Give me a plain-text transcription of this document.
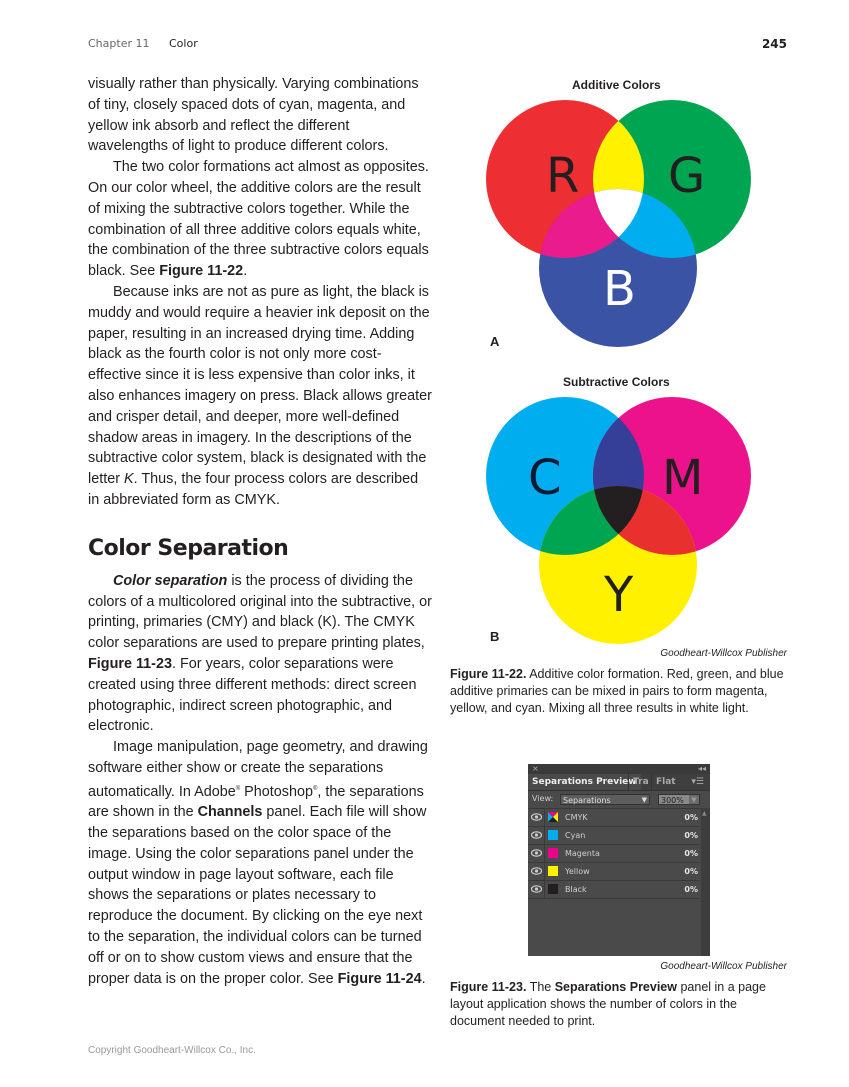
Chapter 11 Color	245

visually rather than physically. Varying combinations of tiny, closely spaced dots of cyan, magenta, and yellow ink absorb and reflect the different wavelengths of light to produce different colors.

The two color formations act almost as opposites. On our color wheel, the additive colors are the result of mixing the subtractive colors together. While the combination of all three additive colors equals white, the combination of the three subtractive colors equals black. See Figure 11-22.

Because inks are not as pure as light, the black is muddy and would require a heavier ink deposit on the paper, resulting in an increased drying time. Adding black as the fourth color is not only more cost-effective since it is less expensive than color inks, it also enhances imagery on press. Black allows greater and crisper detail, and deeper, more well-defined shadow areas in imagery. In the descriptions of the subtractive color system, black is designated with the letter K. Thus, the four process colors are described in abbreviated form as CMYK.

Color Separation

Color separation is the process of dividing the colors of a multicolored original into the subtractive, or printing, primaries (CMY) and black (K). The CMYK color separations are used to prepare printing plates, Figure 11-23. For years, color separations were created using three different methods: direct screen photographic, indirect screen photographic, and electronic.

Image manipulation, page geometry, and drawing software either show or create the separations automatically. In Adobe® Photoshop®, the separations are shown in the Channels panel. Each file will show the separations based on the color space of the image. Using the color separations panel under the output window in page layout software, each file shows the separations or plates necessary to reproduce the document. By clicking on the eye next to the separation, the individual colors can be turned off or on to show custom views and ensure that the proper data is on the proper color. See Figure 11-24.

Copyright Goodheart-Willcox Co., Inc.
Additive Colors
R G
B
A
Subtractive Colors
C M
Y
B
Goodheart-Willcox Publisher
Figure 11-22. Additive color formation. Red, green, and blue additive primaries can be mixed in pairs to form magenta, yellow, and cyan. Mixing all three results in white light.
×	◂◂
Separations Preview
Tra Flat	▾☰
View:	Separations	▼	300%	▼
CMYK	0%
Cyan	0%
Magenta	0%
Yellow	0%
Black	0%
▲
Goodheart-Willcox Publisher
Figure 11-23. The Separations Preview panel in a page layout application shows the number of colors in the document needed to print.
